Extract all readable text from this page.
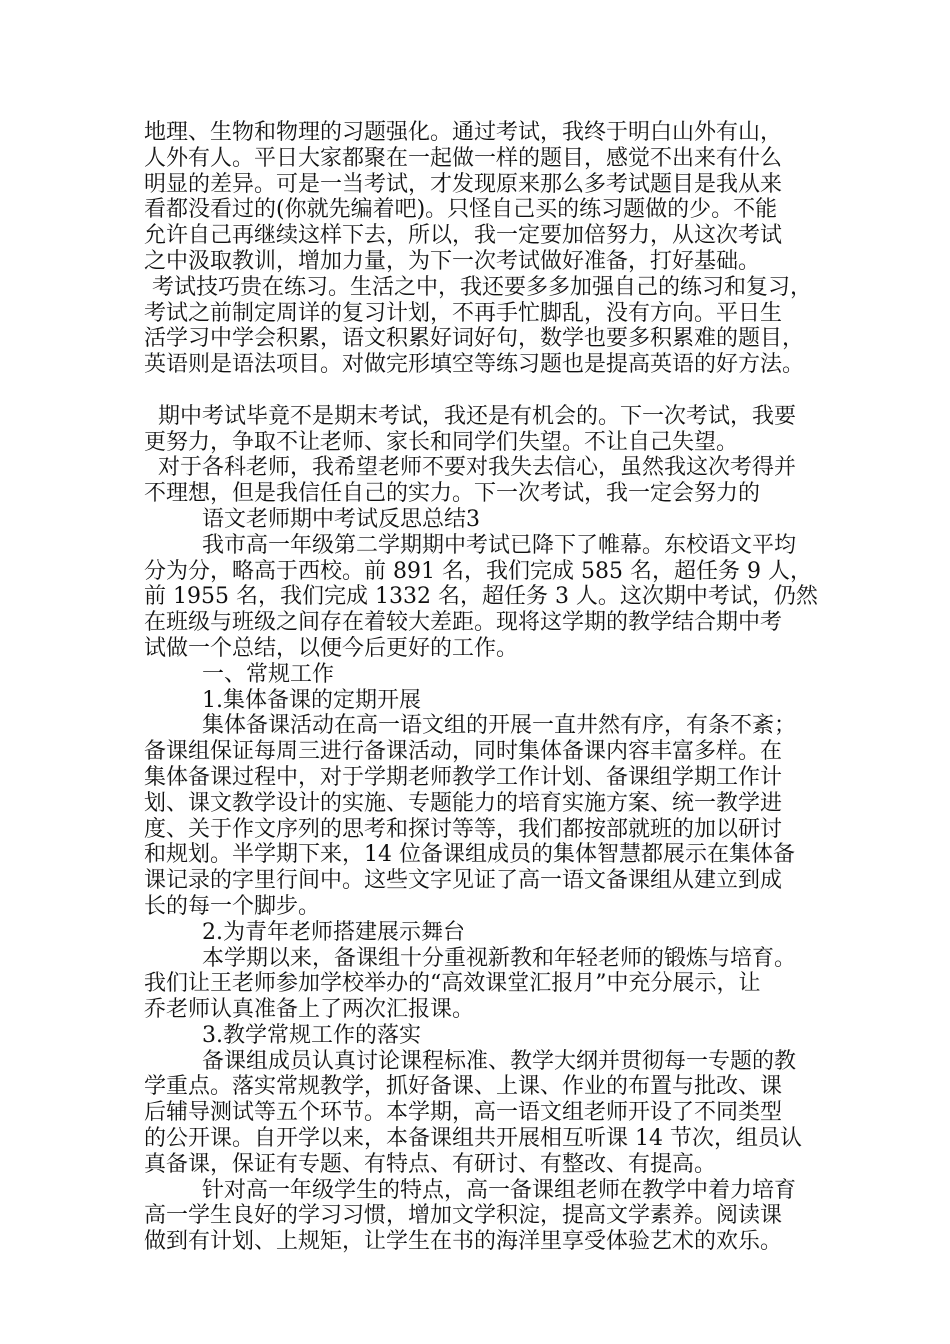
地理、生物和物理的习题强化。通过考试，我终于明白山外有山，
人外有人。平日大家都聚在一起做一样的题目，感觉不出来有什么
明显的差异。可是一当考试，才发现原来那么多考试题目是我从来
看都没看过的(你就先编着吧)。只怪自己买的练习题做的少。不能
允许自己再继续这样下去，所以，我一定要加倍努力，从这次考试
之中汲取教训，增加力量，为下一次考试做好准备，打好基础。
考试技巧贵在练习。生活之中，我还要多多加强自己的练习和复习，
考试之前制定周详的复习计划，不再手忙脚乱，没有方向。平日生
活学习中学会积累，语文积累好词好句，数学也要多积累难的题目，
英语则是语法项目。对做完形填空等练习题也是提高英语的好方法。
期中考试毕竟不是期末考试，我还是有机会的。下一次考试，我要
更努力，争取不让老师、家长和同学们失望。不让自己失望。
对于各科老师，我希望老师不要对我失去信心，虽然我这次考得并
不理想，但是我信任自己的实力。下一次考试，我一定会努力的
语文老师期中考试反思总结3
我市高一年级第二学期期中考试已降下了帷幕。东校语文平均
分为分，略高于西校。前 891 名，我们完成 585 名，超任务 9 人，
前 1955 名，我们完成 1332 名，超任务 3 人。这次期中考试，仍然
在班级与班级之间存在着较大差距。现将这学期的教学结合期中考
试做一个总结，以便今后更好的工作。
一、常规工作
1.集体备课的定期开展
集体备课活动在高一语文组的开展一直井然有序，有条不紊；
备课组保证每周三进行备课活动，同时集体备课内容丰富多样。在
集体备课过程中，对于学期老师教学工作计划、备课组学期工作计
划、课文教学设计的实施、专题能力的培育实施方案、统一教学进
度、关于作文序列的思考和探讨等等，我们都按部就班的加以研讨
和规划。半学期下来，14 位备课组成员的集体智慧都展示在集体备
课记录的字里行间中。这些文字见证了高一语文备课组从建立到成
长的每一个脚步。
2.为青年老师搭建展示舞台
本学期以来，备课组十分重视新教和年轻老师的锻炼与培育。
我们让王老师参加学校举办的“高效课堂汇报月”中充分展示，让
乔老师认真准备上了两次汇报课。
3.教学常规工作的落实
备课组成员认真讨论课程标准、教学大纲并贯彻每一专题的教
学重点。落实常规教学，抓好备课、上课、作业的布置与批改、课
后辅导测试等五个环节。本学期，高一语文组老师开设了不同类型
的公开课。自开学以来，本备课组共开展相互听课 14 节次，组员认
真备课，保证有专题、有特点、有研讨、有整改、有提高。
针对高一年级学生的特点，高一备课组老师在教学中着力培育
高一学生良好的学习习惯，增加文学积淀，提高文学素养。阅读课
做到有计划、上规矩，让学生在书的海洋里享受体验艺术的欢乐。
